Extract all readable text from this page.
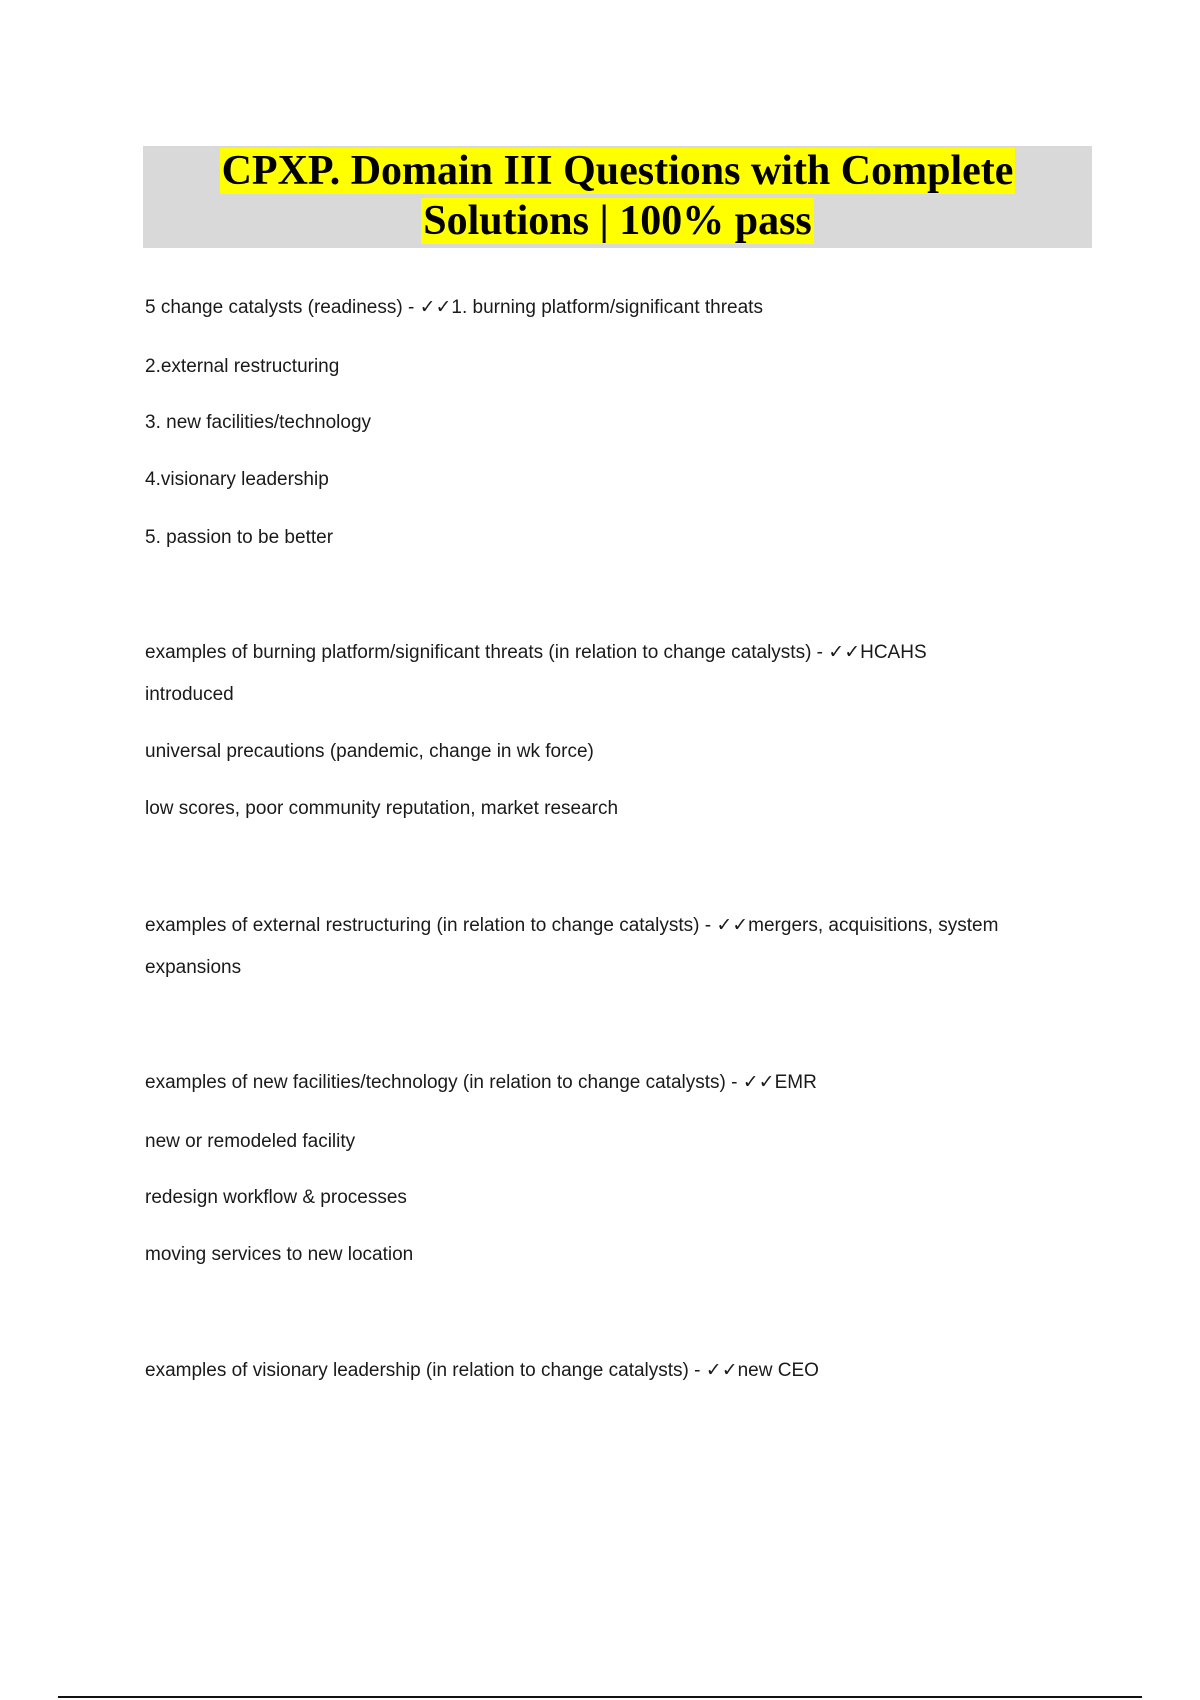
CPXP. Domain III Questions with Complete
Solutions | 100% pass
5 change catalysts (readiness) - ✓✓1. burning platform/significant threats
2.external restructuring
3. new facilities/technology
4.visionary leadership
5. passion to be better
examples of burning platform/significant threats (in relation to change catalysts) - ✓✓HCAHS
introduced
universal precautions (pandemic, change in wk force)
low scores, poor community reputation, market research
examples of external restructuring (in relation to change catalysts) - ✓✓mergers, acquisitions, system
expansions
examples of new facilities/technology (in relation to change catalysts) - ✓✓EMR
new or remodeled facility
redesign workflow & processes
moving services to new location
examples of visionary leadership (in relation to change catalysts) - ✓✓new CEO
